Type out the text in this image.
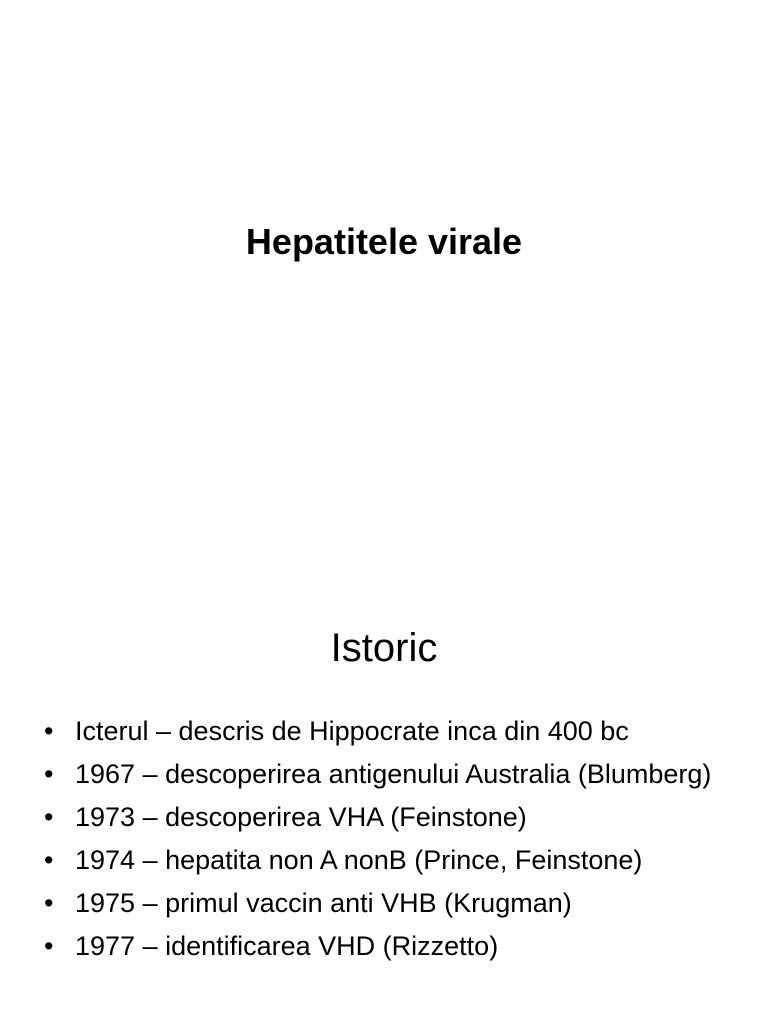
Hepatitele virale
Istoric
• Icterul – descris de Hippocrate inca din 400 bc
• 1967 – descoperirea antigenului Australia (Blumberg)
• 1973 – descoperirea VHA (Feinstone)
• 1974 – hepatita non A nonB (Prince, Feinstone)
• 1975 – primul vaccin anti VHB (Krugman)
• 1977 – identificarea VHD (Rizzetto)
